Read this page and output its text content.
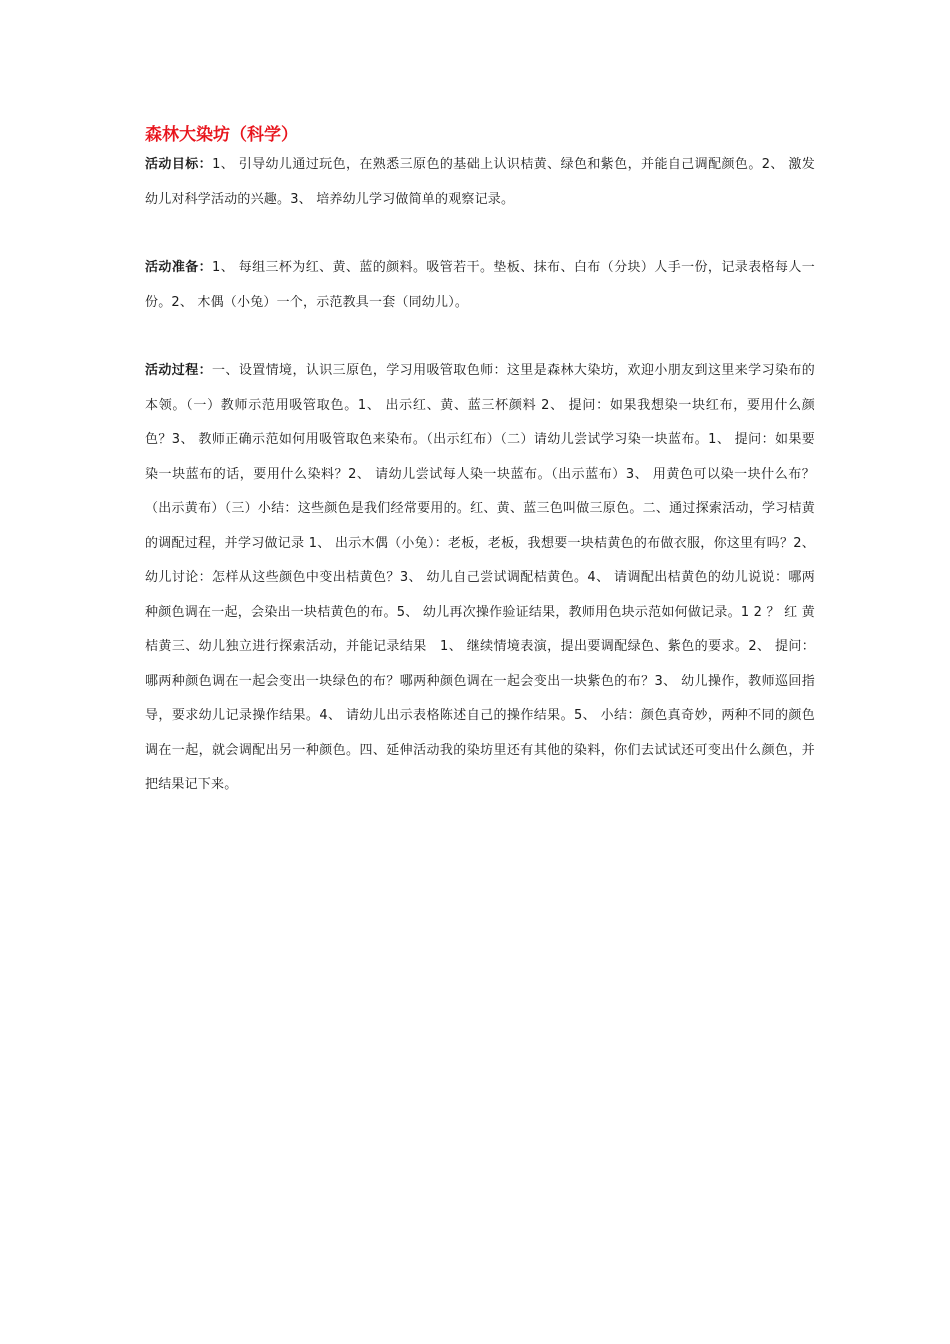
森林大染坊（科学）

活动目标：1、 引导幼儿通过玩色，在熟悉三原色的基础上认识桔黄、绿色和紫色，并能自己调配颜色。2、 激发幼儿对科学活动的兴趣。3、 培养幼儿学习做简单的观察记录。

活动准备：1、 每组三杯为红、黄、蓝的颜料。吸管若干。垫板、抹布、白布（分块）人手一份，记录表格每人一份。2、 木偶（小兔）一个，示范教具一套（同幼儿）。

活动过程：一、设置情境，认识三原色，学习用吸管取色师：这里是森林大染坊，欢迎小朋友到这里来学习染布的本领。（一）教师示范用吸管取色。1、 出示红、黄、蓝三杯颜料 2、 提问：如果我想染一块红布，要用什么颜色？3、 教师正确示范如何用吸管取色来染布。（出示红布）（二）请幼儿尝试学习染一块蓝布。1、 提问：如果要染一块蓝布的话，要用什么染料？2、 请幼儿尝试每人染一块蓝布。（出示蓝布）3、 用黄色可以染一块什么布？（出示黄布）（三）小结：这些颜色是我们经常要用的。红、黄、蓝三色叫做三原色。二、通过探索活动，学习桔黄的调配过程，并学习做记录 1、 出示木偶（小兔）：老板，老板，我想要一块桔黄色的布做衣服，你这里有吗？2、 幼儿讨论：怎样从这些颜色中变出桔黄色？3、 幼儿自己尝试调配桔黄色。4、 请调配出桔黄色的幼儿说说：哪两种颜色调在一起，会染出一块桔黄色的布。5、 幼儿再次操作验证结果，教师用色块示范如何做记录。1 2 ？ 红 黄 桔黄三、幼儿独立进行探索活动，并能记录结果　1、 继续情境表演，提出要调配绿色、紫色的要求。2、 提问：哪两种颜色调在一起会变出一块绿色的布？哪两种颜色调在一起会变出一块紫色的布？3、 幼儿操作，教师巡回指导，要求幼儿记录操作结果。4、 请幼儿出示表格陈述自己的操作结果。5、 小结：颜色真奇妙，两种不同的颜色调在一起，就会调配出另一种颜色。四、延伸活动我的染坊里还有其他的染料，你们去试试还可变出什么颜色，并把结果记下来。
